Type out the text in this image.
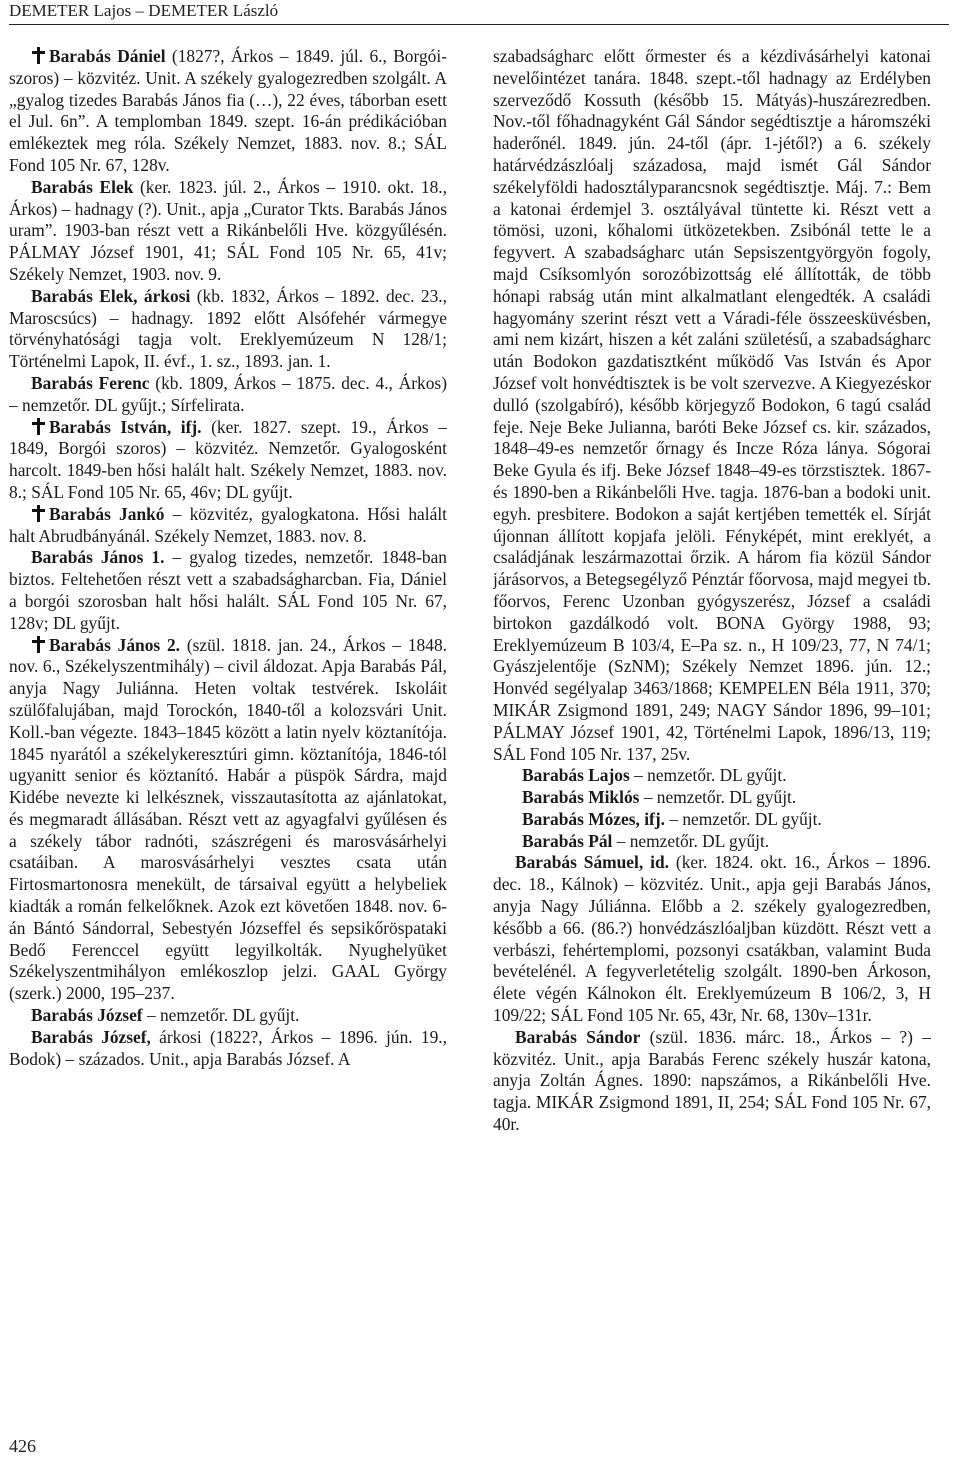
DEMETER Lajos – DEMETER László

Barabás Dániel (1827?, Árkos – 1849. júl. 6., Borgói-szoros) – közvitéz. Unit. A székely gyalogezredben szolgált. A „gyalog tizedes Barabás János fia (…), 22 éves, táborban esett el Jul. 6n”. A templomban 1849. szept. 16-án prédikációban emlékeztek meg róla. Székely Nemzet, 1883. nov. 8.; SÁL Fond 105 Nr. 67, 128v.

Barabás Elek (ker. 1823. júl. 2., Árkos – 1910. okt. 18., Árkos) – hadnagy (?). Unit., apja „Curator Tkts. Barabás János uram”. 1903-ban részt vett a Rikánbelőli Hve. közgyűlésén. PÁLMAY József 1901, 41; SÁL Fond 105 Nr. 65, 41v; Székely Nemzet, 1903. nov. 9.

Barabás Elek, árkosi (kb. 1832, Árkos – 1892. dec. 23., Maroscsúcs) – hadnagy. 1892 előtt Alsófehér vármegye törvényhatósági tagja volt. Ereklyemúzeum N 128/1; Történelmi Lapok, II. évf., 1. sz., 1893. jan. 1.

Barabás Ferenc (kb. 1809, Árkos – 1875. dec. 4., Árkos) – nemzetőr. DL gyűjt.; Sírfelirata.

Barabás István, ifj. (ker. 1827. szept. 19., Árkos – 1849, Borgói szoros) – közvitéz. Nemzetőr. Gyalogosként harcolt. 1849-ben hősi halált halt. Székely Nemzet, 1883. nov. 8.; SÁL Fond 105 Nr. 65, 46v; DL gyűjt.

Barabás Jankó – közvitéz, gyalogkatona. Hősi halált halt Abrudbányánál. Székely Nemzet, 1883. nov. 8.

Barabás János 1. – gyalog tizedes, nemzetőr. 1848-ban biztos. Feltehetően részt vett a szabadságharcban. Fia, Dániel a borgói szorosban halt hősi halált. SÁL Fond 105 Nr. 67, 128v; DL gyűjt.

Barabás János 2. (szül. 1818. jan. 24., Árkos – 1848. nov. 6., Székelyszentmihály) – civil áldozat. Apja Barabás Pál, anyja Nagy Juliánna. Heten voltak testvérek. Iskoláit szülőfalujában, majd Torockón, 1840-től a kolozsvári Unit. Koll.-ban végezte. 1843–1845 között a latin nyelv köztanítója. 1845 nyarától a székelykeresztúri gimn. köztanítója, 1846-tól ugyanitt senior és köztanító. Habár a püspök Sárdra, majd Kidébe nevezte ki lelkésznek, visszautasította az ajánlatokat, és megmaradt állásában. Részt vett az agyagfalvi gyűlésen és a székely tábor radnóti, szászrégeni és marosvásárhelyi csatáiban. A marosvásárhelyi vesztes csata után Firtosmartonosra menekült, de társaival együtt a helybeliek kiadták a román felkelőknek. Azok ezt követően 1848. nov. 6-án Bántó Sándorral, Sebestyén Józseffel és sepsikőröspataki Bedő Ferenccel együtt legyilkolták. Nyughelyüket Székelyszentmihályon emlékoszlop jelzi. GAAL György (szerk.) 2000, 195–237.

Barabás József – nemzetőr. DL gyűjt.

Barabás József, árkosi (1822?, Árkos – 1896. jún. 19., Bodok) – százados. Unit., apja Barabás József. A

szabadságharc előtt őrmester és a kézdivásárhelyi katonai nevelőintézet tanára. 1848. szept.-től hadnagy az Erdélyben szerveződő Kossuth (később 15. Mátyás)-huszárezredben. Nov.-től főhadnagyként Gál Sándor segédtisztje a háromszéki haderőnél. 1849. jún. 24-től (ápr. 1-jétől?) a 6. székely határvédzászlóalj századosa, majd ismét Gál Sándor székelyföldi hadosztályparancsnok segédtisztje. Máj. 7.: Bem a katonai érdemjel 3. osztályával tüntette ki. Részt vett a tömösi, uzoni, kőhalomi ütközetekben. Zsibónál tette le a fegyvert. A szabadságharc után Sepsiszentgyörgyön fogoly, majd Csíksomlyón sorozóbizottság elé állították, de több hónapi rabság után mint alkalmatlant elengedték. A családi hagyomány szerint részt vett a Váradi-féle összeesküvésben, ami nem kizárt, hiszen a két zaláni születésű, a szabadságharc után Bodokon gazdatisztként működő Vas István és Apor József volt honvédtisztek is be volt szervezve. A Kiegyezéskor dulló (szolgabíró), később körjegyző Bodokon, 6 tagú család feje. Neje Beke Julianna, baróti Beke József cs. kir. százados, 1848–49-es nemzetőr őrnagy és Incze Róza lánya. Sógorai Beke Gyula és ifj. Beke József 1848–49-es törzstisztek. 1867- és 1890-ben a Rikánbelőli Hve. tagja. 1876-ban a bodoki unit. egyh. presbitere. Bodokon a saját kertjében temették el. Sírját újonnan állított kopjafa jelöli. Fényképét, mint ereklyét, a családjának leszármazottai őrzik. A három fia közül Sándor járásorvos, a Betegsegélyző Pénztár főorvosa, majd megyei tb. főorvos, Ferenc Uzonban gyógyszerész, József a családi birtokon gazdálkodó volt. BONA György 1988, 93; Ereklyemúzeum B 103/4, E–Pa sz. n., H 109/23, 77, N 74/1; Gyászjelentője (SzNM); Székely Nemzet 1896. jún. 12.; Honvéd segélyalap 3463/1868; KEMPELEN Béla 1911, 370; MIKÁR Zsigmond 1891, 249; NAGY Sándor 1896, 99–101; PÁLMAY József 1901, 42, Történelmi Lapok, 1896/13, 119; SÁL Fond 105 Nr. 137, 25v.

Barabás Lajos – nemzetőr. DL gyűjt.

Barabás Miklós – nemzetőr. DL gyűjt.

Barabás Mózes, ifj. – nemzetőr. DL gyűjt.

Barabás Pál – nemzetőr. DL gyűjt.

Barabás Sámuel, id. (ker. 1824. okt. 16., Árkos – 1896. dec. 18., Kálnok) – közvitéz. Unit., apja geji Barabás János, anyja Nagy Júliánna. Előbb a 2. székely gyalogezredben, később a 66. (86.?) honvédzászlóaljban küzdött. Részt vett a verbászi, fehértemplomi, pozsonyi csatákban, valamint Buda bevételénél. A fegyverletételig szolgált. 1890-ben Árkoson, élete végén Kálnokon élt. Ereklyemúzeum B 106/2, 3, H 109/22; SÁL Fond 105 Nr. 65, 43r, Nr. 68, 130v–131r.

Barabás Sándor (szül. 1836. márc. 18., Árkos – ?) – közvitéz. Unit., apja Barabás Ferenc székely huszár katona, anyja Zoltán Ágnes. 1890: napszámos, a Rikánbelőli Hve. tagja. MIKÁR Zsigmond 1891, II, 254; SÁL Fond 105 Nr. 67, 40r.

426
